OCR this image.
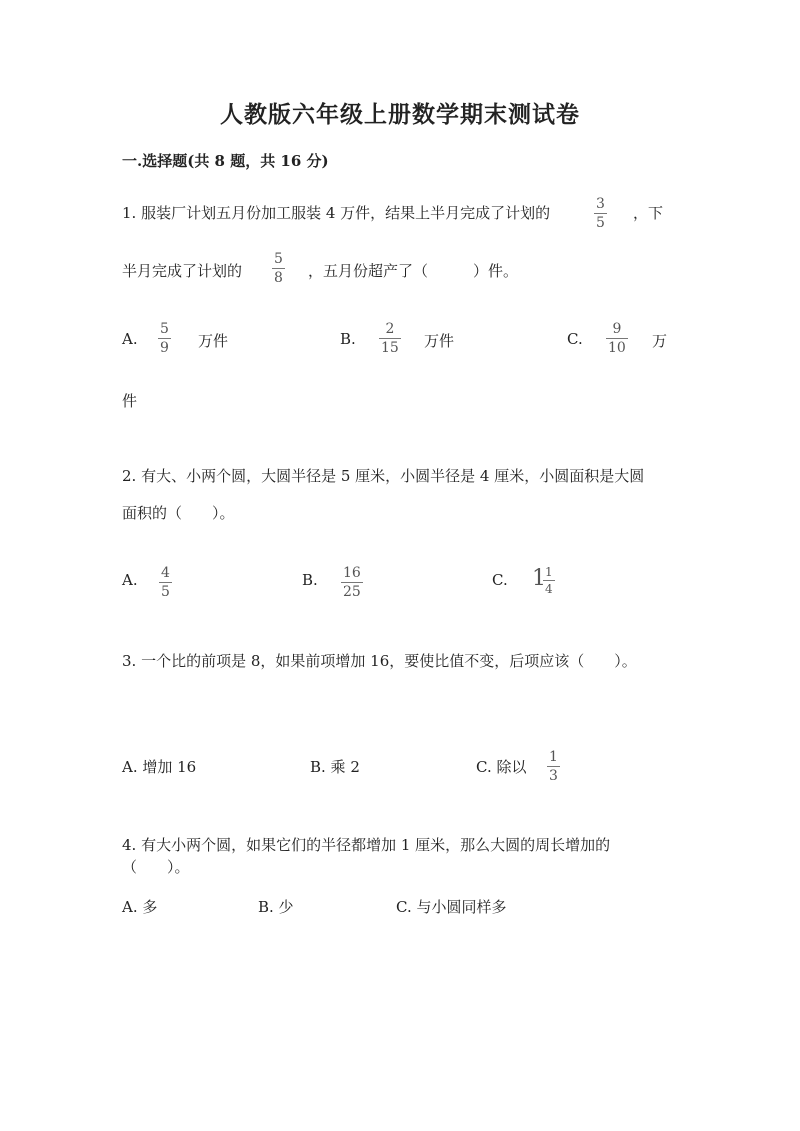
人教版六年级上册数学期末测试卷
一.选择题(共 8 题，共 16 分)
1. 服装厂计划五月份加工服装 4 万件，结果上半月完成了计划的	$\frac{3}{5}$ ，下
半月完成了计划的 $\frac{5}{8}$ ，五月份超产了（　　　）件。
A. $\frac{5}{9}$ 万件	B. $\frac{2}{15}$ 万件	C. $\frac{9}{10}$ 万
件
2. 有大、小两个圆，大圆半径是 5 厘米，小圆半径是 4 厘米，小圆面积是大圆
面积的（　　）。
A. $\frac{4}{5}$	B. $\frac{16}{25}$	C. 1
$\frac{1}{4}$
3. 一个比的前项是 8，如果前项增加 16，要使比值不变，后项应该（　　）。
A. 增加 16	B. 乘 2	C. 除以 $\frac{1}{3}$
4. 有大小两个圆，如果它们的半径都增加 1 厘米，那么大圆的周长增加的
（　　）。
A. 多	B. 少	C. 与小圆同样多
